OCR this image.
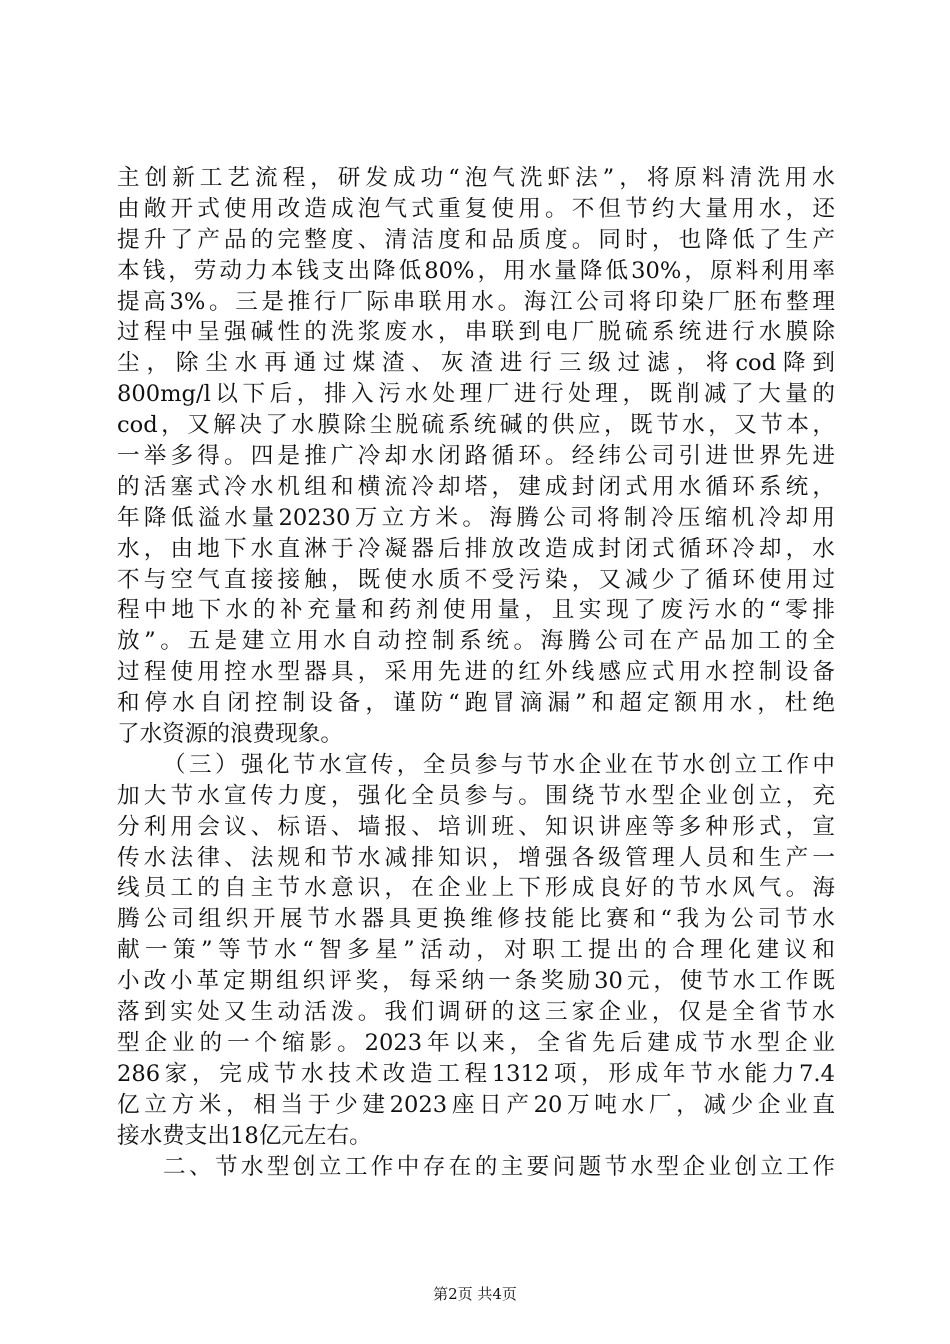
主创新工艺流程，研发成功“泡气洗虾法”，将原料清洗用水
由敞开式使用改造成泡气式重复使用。不但节约大量用水，还
提升了产品的完整度、清洁度和品质度。同时，也降低了生产
本钱，劳动力本钱支出降低80%，用水量降低30%，原料利用率
提高3%。三是推行厂际串联用水。海江公司将印染厂胚布整理
过程中呈强碱性的洗浆废水，串联到电厂脱硫系统进行水膜除
尘，除尘水再通过煤渣、灰渣进行三级过滤，将cod降到
800mg/l以下后，排入污水处理厂进行处理，既削减了大量的
cod，又解决了水膜除尘脱硫系统碱的供应，既节水，又节本，
一举多得。四是推广冷却水闭路循环。经纬公司引进世界先进
的活塞式冷水机组和横流冷却塔，建成封闭式用水循环系统，
年降低溢水量20230万立方米。海腾公司将制冷压缩机冷却用
水，由地下水直淋于冷凝器后排放改造成封闭式循环冷却，水
不与空气直接接触，既使水质不受污染，又减少了循环使用过
程中地下水的补充量和药剂使用量，且实现了废污水的“零排
放”。五是建立用水自动控制系统。海腾公司在产品加工的全
过程使用控水型器具，采用先进的红外线感应式用水控制设备
和停水自闭控制设备，谨防“跑冒滴漏”和超定额用水，杜绝
了水资源的浪费现象。
（三）强化节水宣传，全员参与节水企业在节水创立工作中
加大节水宣传力度，强化全员参与。围绕节水型企业创立，充
分利用会议、标语、墙报、培训班、知识讲座等多种形式，宣
传水法律、法规和节水减排知识，增强各级管理人员和生产一
线员工的自主节水意识，在企业上下形成良好的节水风气。海
腾公司组织开展节水器具更换维修技能比赛和“我为公司节水
献一策”等节水“智多星”活动，对职工提出的合理化建议和
小改小革定期组织评奖，每采纳一条奖励30元，使节水工作既
落到实处又生动活泼。我们调研的这三家企业，仅是全省节水
型企业的一个缩影。2023年以来，全省先后建成节水型企业
286家，完成节水技术改造工程1312项，形成年节水能力7.4
亿立方米，相当于少建2023座日产20万吨水厂，减少企业直
接水费支出18亿元左右。
二、节水型创立工作中存在的主要问题节水型企业创立工作
第2页 共4页
